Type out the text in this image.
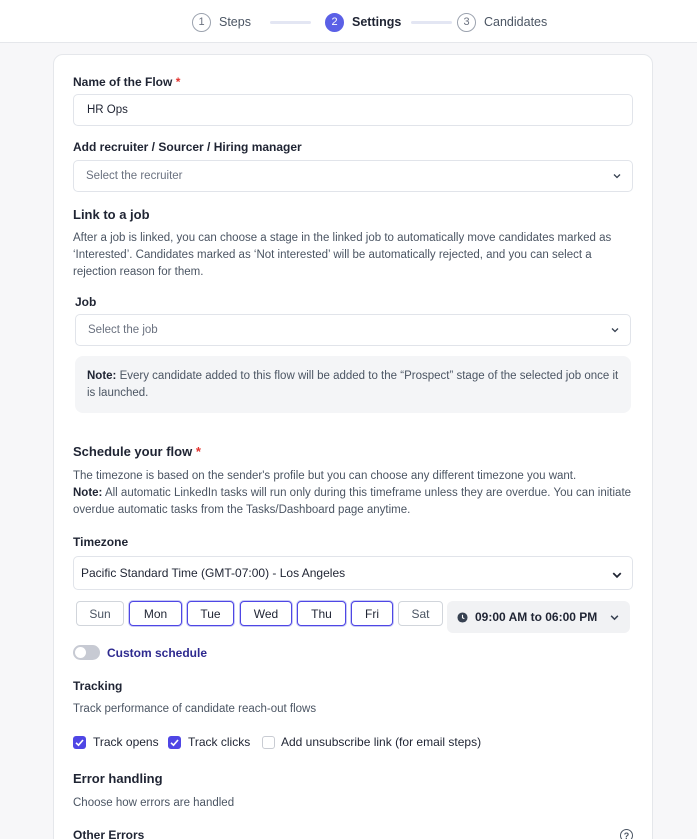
1	Steps	2	Settings	3	Candidates
Name of the Flow *
HR Ops
Add recruiter / Sourcer / Hiring manager
Select the recruiter
Link to a job
After a job is linked, you can choose a stage in the linked job to automatically move candidates marked as ‘Interested’. Candidates marked as ‘Not interested’ will be automatically rejected, and you can select a rejection reason for them.
Job
Select the job
Note: Every candidate added to this flow will be added to the “Prospect” stage of the selected job once it is launched.
Schedule your flow *
The timezone is based on the sender's profile but you can choose any different timezone you want.
Note: All automatic LinkedIn tasks will run only during this timeframe unless they are overdue. You can initiate overdue automatic tasks from the Tasks/Dashboard page anytime.
Timezone
Pacific Standard Time (GMT-07:00) - Los Angeles
Sun	Mon	Tue	Wed	Thu	Fri	Sat	09:00 AM to 06:00 PM
Custom schedule
Tracking
Track performance of candidate reach-out flows
Track opens Track clicks	Add unsubscribe link (for email steps)
Error handling
Choose how errors are handled
Other Errors	?
